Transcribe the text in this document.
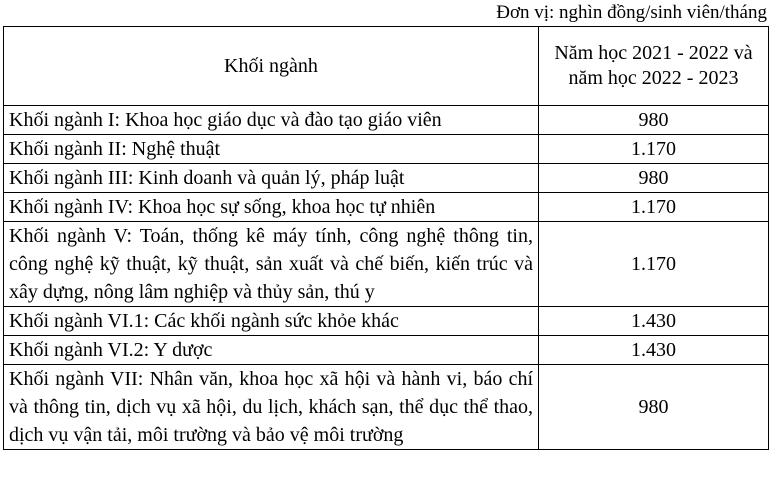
Đơn vị: nghìn đồng/sinh viên/tháng
Khối ngành	Năm học 2021 - 2022 và năm học 2022 - 2023
Khối ngành I: Khoa học giáo dục và đào tạo giáo viên	980
Khối ngành II: Nghệ thuật	1.170
Khối ngành III: Kinh doanh và quản lý, pháp luật	980
Khối ngành IV: Khoa học sự sống, khoa học tự nhiên	1.170
Khối ngành V: Toán, thống kê máy tính, công nghệ thông tin, công nghệ kỹ thuật, kỹ thuật, sản xuất và chế biến, kiến trúc và xây dựng, nông lâm nghiệp và thủy sản, thú y	1.170
Khối ngành VI.1: Các khối ngành sức khỏe khác	1.430
Khối ngành VI.2: Y dược	1.430
Khối ngành VII: Nhân văn, khoa học xã hội và hành vi, báo chí và thông tin, dịch vụ xã hội, du lịch, khách sạn, thể dục thể thao, dịch vụ vận tải, môi trường và bảo vệ môi trường	980
